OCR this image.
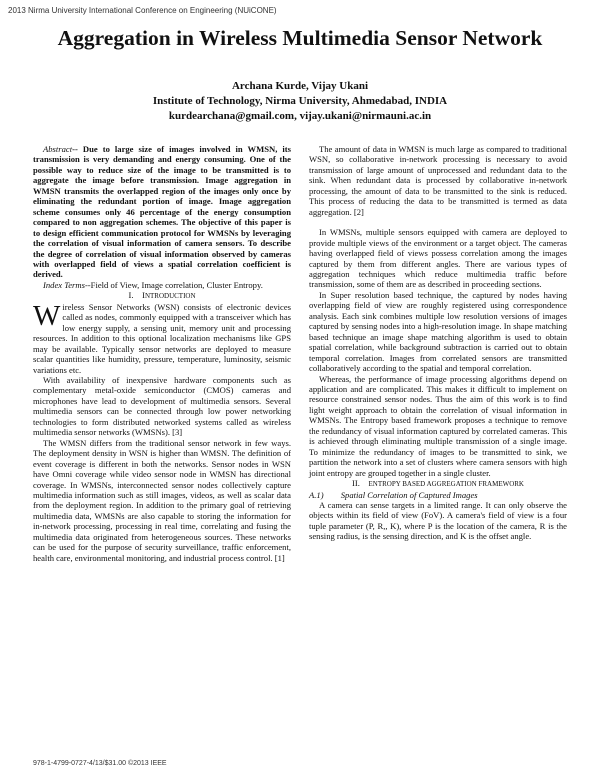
2013 Nirma University International Conference on Engineering (NUiCONE)
Aggregation in Wireless Multimedia Sensor Network
Archana Kurde, Vijay Ukani
Institute of Technology, Nirma University, Ahmedabad, INDIA
kurdearchana@gmail.com, vijay.ukani@nirmauni.ac.in

Abstract-- Due to large size of images involved in WMSN, its transmission is very demanding and energy consuming. One of the possible way to reduce size of the image to be transmitted is to aggregate the image before transmission. Image aggregation in WMSN transmits the overlapped region of the images only once by eliminating the redundant portion of image. Image aggregation scheme consumes only 46 percentage of the energy consumption compared to non aggregation schemes. The objective of this paper is to design efficient communication protocol for WMSNs by leveraging the correlation of visual information of camera sensors. To describe the degree of correlation of visual information observed by cameras with overlapped field of views a spatial correlation coefficient is derived.

Index Terms--Field of View, Image correlation, Cluster Entropy.

I. INTRODUCTION

Wireless Sensor Networks (WSN) consists of electronic devices called as nodes, commonly equipped with a transceiver which has low energy supply, a sensing unit, memory unit and processing resources. In addition to this optional localization mechanisms like GPS may be available. Typically sensor networks are deployed to measure scalar quantities like humidity, pressure, temperature, luminosity, seismic variations etc.

With availability of inexpensive hardware components such as complementary metal-oxide semiconductor (CMOS) cameras and microphones have lead to development of multimedia sensors. Several multimedia sensors can be connected through low power networking technologies to form distributed networked systems called as wireless multimedia sensor networks (WMSNs). [3]

The WMSN differs from the traditional sensor network in few ways. The deployment density in WSN is higher than WMSN. The definition of event coverage is different in both the networks. Sensor nodes in WSN have Omni coverage while video sensor node in WMSN has directional coverage. In WMSNs, interconnected sensor nodes collectively capture multimedia information such as still images, videos, as well as scalar data from the deployment region. In addition to the primary goal of retrieving multimedia data, WMSNs are also capable to storing the information for in-network processing, processing in real time, correlating and fusing the multimedia data originated from heterogeneous sources. These networks can be used for the purpose of security surveillance, traffic enforcement, health care, environmental monitoring, and industrial process control. [1]

The amount of data in WMSN is much large as compared to traditional WSN, so collaborative in-network processing is necessary to avoid transmission of large amount of unprocessed and redundant data to the sink. When redundant data is processed by collaborative in-network processing, the amount of data to be transmitted to the sink is reduced. This process of reducing the data to be transmitted is termed as data aggregation. [2]

In WMSNs, multiple sensors equipped with camera are deployed to provide multiple views of the environment or a target object. The cameras having overlapped field of views possess correlation among the images captured by them from different angles. There are various types of aggregation techniques which reduce multimedia traffic before transmission, some of them are as described in proceeding sections.

In Super resolution based technique, the captured by nodes having overlapping field of view are roughly registered using correspondence analysis. Each sink combines multiple low resolution versions of images captured by sensing nodes into a high-resolution image. In shape matching based technique an image shape matching algorithm is used to obtain spatial correlation, while background subtraction is carried out to obtain temporal correlation. Images from correlated sensors are transmitted collaboratively according to the spatial and temporal correlation.

Whereas, the performance of image processing algorithms depend on application and are complicated. This makes it difficult to implement on resource constrained sensor nodes. Thus the aim of this work is to find light weight approach to obtain the correlation of visual information in WMSNs. The Entropy based framework proposes a technique to remove the redundancy of visual information captured by correlated cameras. This is achieved through eliminating multiple transmission of a single image. To minimize the redundancy of images to be transmitted to sink, we partition the network into a set of clusters where camera sensors with high joint entropy are grouped together in a single cluster.

II. ENTROPY BASED AGGREGATION FRAMEWORK

A.1)  Spatial Correlation of Captured Images

A camera can sense targets in a limited range. It can only observe the objects within its field of view (FoV). A camera's field of view is a four tuple parameter (P, R,, K), where P is the location of the camera, R is the sensing radius, is the sensing direction, and K is the offset angle.

978-1-4799-0727-4/13/$31.00 ©2013 IEEE
